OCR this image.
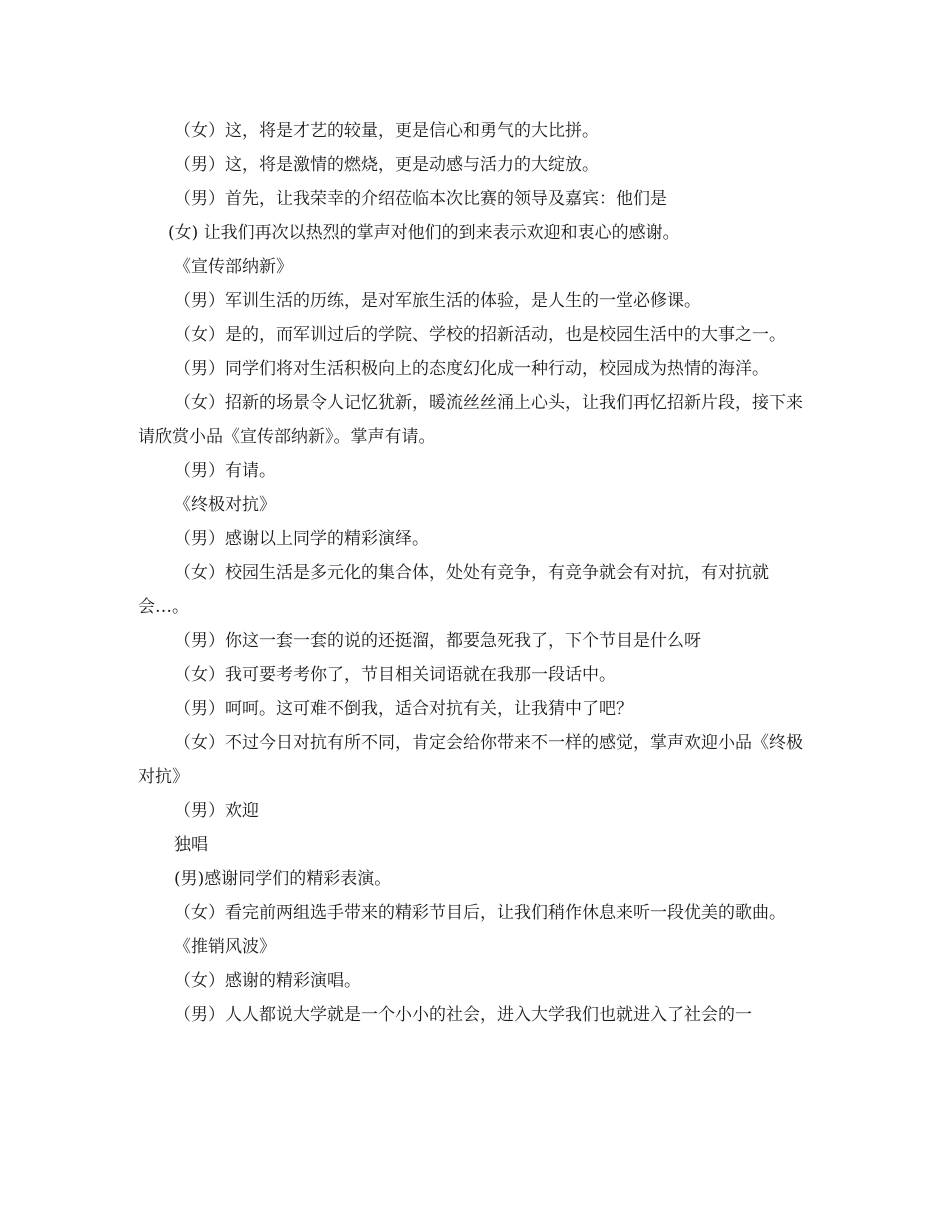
（女）这，将是才艺的较量，更是信心和勇气的大比拼。

（男）这，将是激情的燃烧，更是动感与活力的大绽放。

（男）首先，让我荣幸的介绍莅临本次比赛的领导及嘉宾：他们是

(女) 让我们再次以热烈的掌声对他们的到来表示欢迎和衷心的感谢。

《宣传部纳新》

（男）军训生活的历练，是对军旅生活的体验，是人生的一堂必修课。

（女）是的，而军训过后的学院、学校的招新活动，也是校园生活中的大事之一。

（男）同学们将对生活积极向上的态度幻化成一种行动，校园成为热情的海洋。

（女）招新的场景令人记忆犹新，暖流丝丝涌上心头，让我们再忆招新片段，接下来请欣赏小品《宣传部纳新》。掌声有请。

（男）有请。

《终极对抗》

（男）感谢以上同学的精彩演绎。

（女）校园生活是多元化的集合体，处处有竞争，有竞争就会有对抗，有对抗就会…。

（男）你这一套一套的说的还挺溜，都要急死我了，下个节目是什么呀

（女）我可要考考你了，节目相关词语就在我那一段话中。

（男）呵呵。这可难不倒我，适合对抗有关，让我猜中了吧？

（女）不过今日对抗有所不同，肯定会给你带来不一样的感觉，掌声欢迎小品《终极对抗》

（男）欢迎

独唱

(男)感谢同学们的精彩表演。

（女）看完前两组选手带来的精彩节目后，让我们稍作休息来听一段优美的歌曲。

《推销风波》

（女）感谢的精彩演唱。

（男）人人都说大学就是一个小小的社会，进入大学我们也就进入了社会的一
